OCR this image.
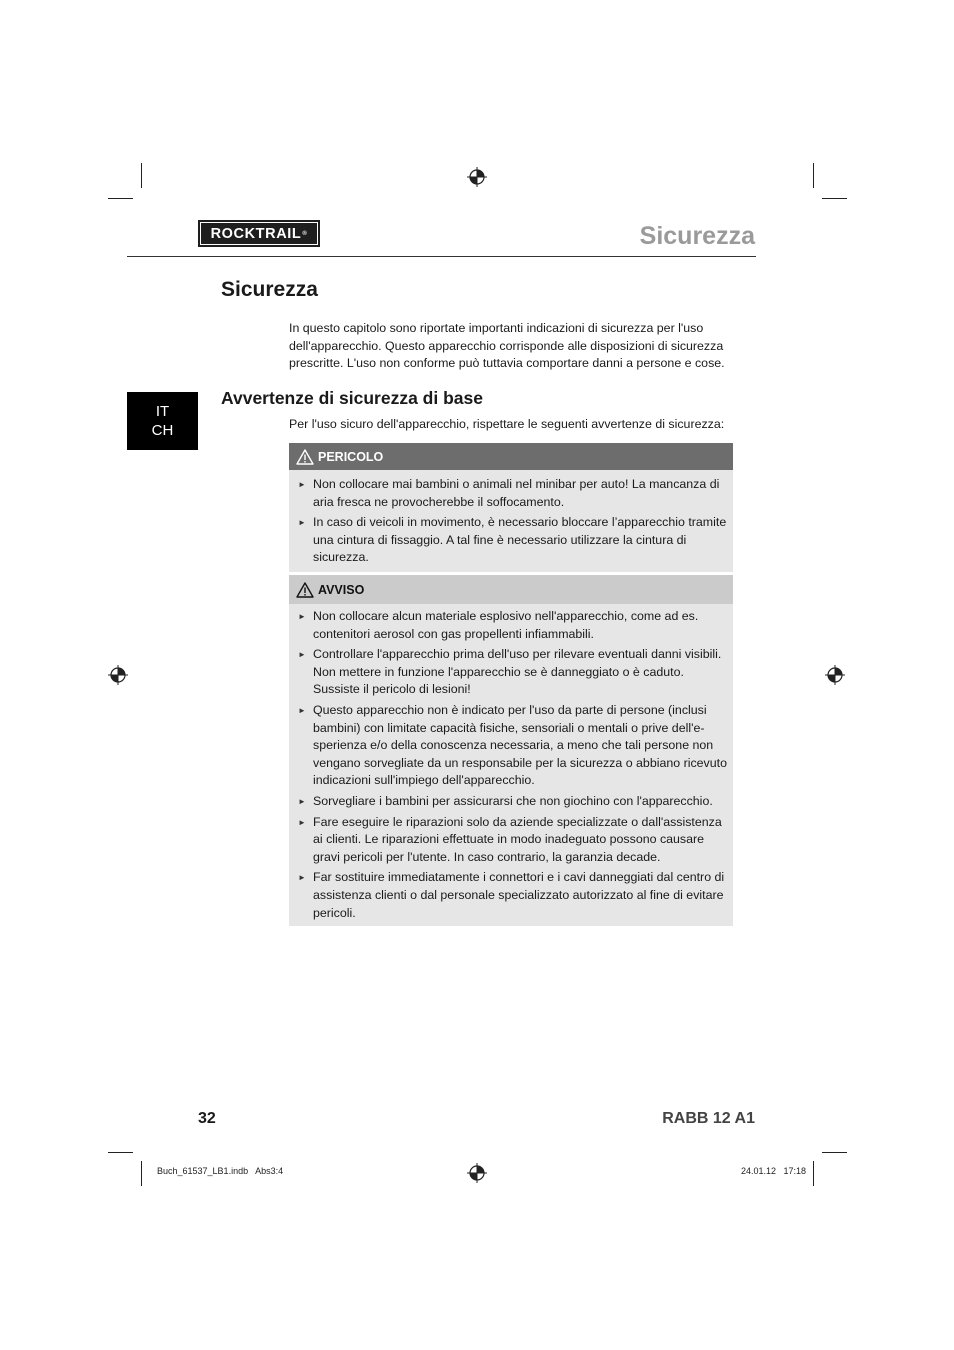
ROCKTRAIL ®	Sicurezza
Sicurezza

In questo capitolo sono riportate importanti indicazioni di sicurezza per l'uso dell'apparecchio. Questo apparecchio corrisponde alle disposizioni di sicurezza prescritte. L'uso non conforme può tuttavia comportare danni a persone e cose.

IT
CH
Avvertenze di sicurezza di base

Per l'uso sicuro dell'apparecchio, rispettare le seguenti avvertenze di sicurezza:

PERICOLO
► Non collocare mai bambini o animali nel minibar per auto! La mancanza di aria fresca ne provocherebbe il soffocamento.
► In caso di veicoli in movimento, è necessario bloccare l’apparecchio tramite una cintura di fissaggio. A tal fine è necessario utilizzare la cintura di sicurezza.
AVVISO
► Non collocare alcun materiale esplosivo nell'apparecchio, come ad es. contenitori aerosol con gas propellenti infiammabili.
► Controllare l'apparecchio prima dell'uso per rilevare eventuali danni visibili. Non mettere in funzione l'apparecchio se è danneggiato o è caduto. Sussiste il pericolo di lesioni!
► Questo apparecchio non è indicato per l'uso da parte di persone (inclusi bambini) con limitate capacità fisiche, sensoriali o mentali o prive dell'e-sperienza e/o della conoscenza necessaria, a meno che tali persone non vengano sorvegliate da un responsabile per la sicurezza o abbiano ricevuto indicazioni sull'impiego dell'apparecchio.
► Sorvegliare i bambini per assicurarsi che non giochino con l'apparecchio.
► Fare eseguire le riparazioni solo da aziende specializzate o dall'assistenza ai clienti. Le riparazioni effettuate in modo inadeguato possono causare gravi pericoli per l'utente. In caso contrario, la garanzia decade.
► Far sostituire immediatamente i connettori e i cavi danneggiati dal centro di assistenza clienti o dal personale specializzato autorizzato al fine di evitare pericoli.
32	RABB 12 A1
Buch_61537_LB1.indb   Abs3:4	24.01.12   17:18
